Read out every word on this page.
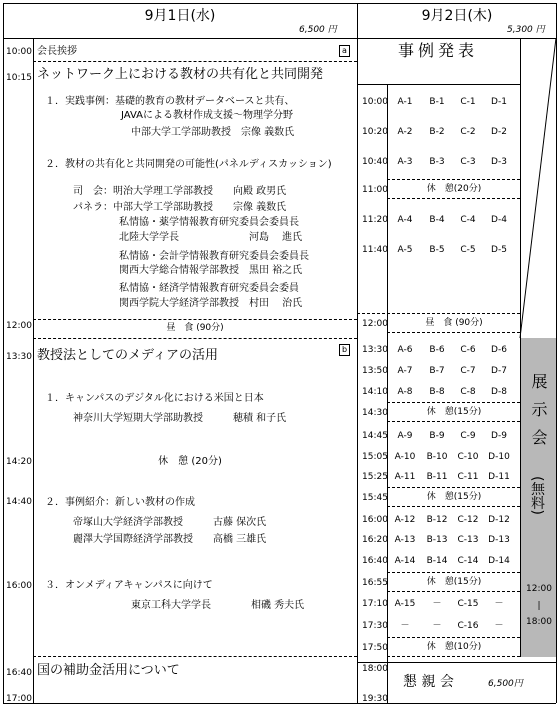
9月1日(水)
6,500 円
9月2日(木)
5,300 円
10:00 会長挨拶	a
10:15 ネットワーク上における教材の共有化と共同開発
１．実践事例：基礎的教育の教材データベースと共有、
JAVAによる教材作成支援～物理学分野
中部大学工学部助教授　宗像 義数氏
２．教材の共有化と共同開発の可能性(パネルディスカッション)
司　会：明治大学理工学部教授　　向殿 政男氏
パネラ：中部大学工学部助教授　　宗像 義数氏
私情協・薬学情報教育研究委員会委員長
北陸大学学長　　　　　　　河島　 進氏
私情協・会計学情報教育研究委員会委員長
関西大学総合情報学部教授　黒田 裕之氏
私情協・経済学情報教育研究委員会委員
関西学院大学経済学部教授　村田　 治氏
12:00	昼　食 (90分)
13:30 教授法としてのメディアの活用	b
１．キャンパスのデジタル化における米国と日本
神奈川大学短期大学部助教授　　　穂積 和子氏
14:20	休　憩 (20分)
14:40 ２．事例紹介：新しい教材の作成
帝塚山大学経済学部教授　　　古藤 保次氏
麗澤大学国際経済学部教授　　高橋 三雄氏
16:00 ３．オンメディアキャンパスに向けて
東京工科大学学長　　　　相磯 秀夫氏
16:40 国の補助金活用について
17:00
事例発表
10:00 A-1 B-1 C-1 D-1
10:20 A-2 B-2 C-2 D-2
10:40 A-3 B-3 C-3 D-3
11:00	休　憩(20分)
11:20 A-4 B-4 C-4 D-4
11:40 A-5 B-5 C-5 D-5
12:00	昼　食 (90分)
13:30 A-6 B-6 C-6 D-6
13:50 A-7 B-7 C-7 D-7
14:10 A-8 B-8 C-8 D-8
14:30	休　憩(15分)
14:45 A-9 B-9 C-9 D-9
15:05 A-10 B-10 C-10 D-10
15:25 A-11 B-11 C-11 D-11
15:45	休　憩(15分)
16:00 A-12 B-12 C-12 D-12
16:20 A-13 B-13 C-13 D-13
16:40 A-14 B-14 C-14 D-14
16:55	休　憩(15分)
17:10 A-15 － C-15 －
17:30 －	－ C-16 －
17:50	休　憩(10分)
展示会
(無料)
12:00
|
18:00
18:00
懇 親 会	6,500円
19:30
